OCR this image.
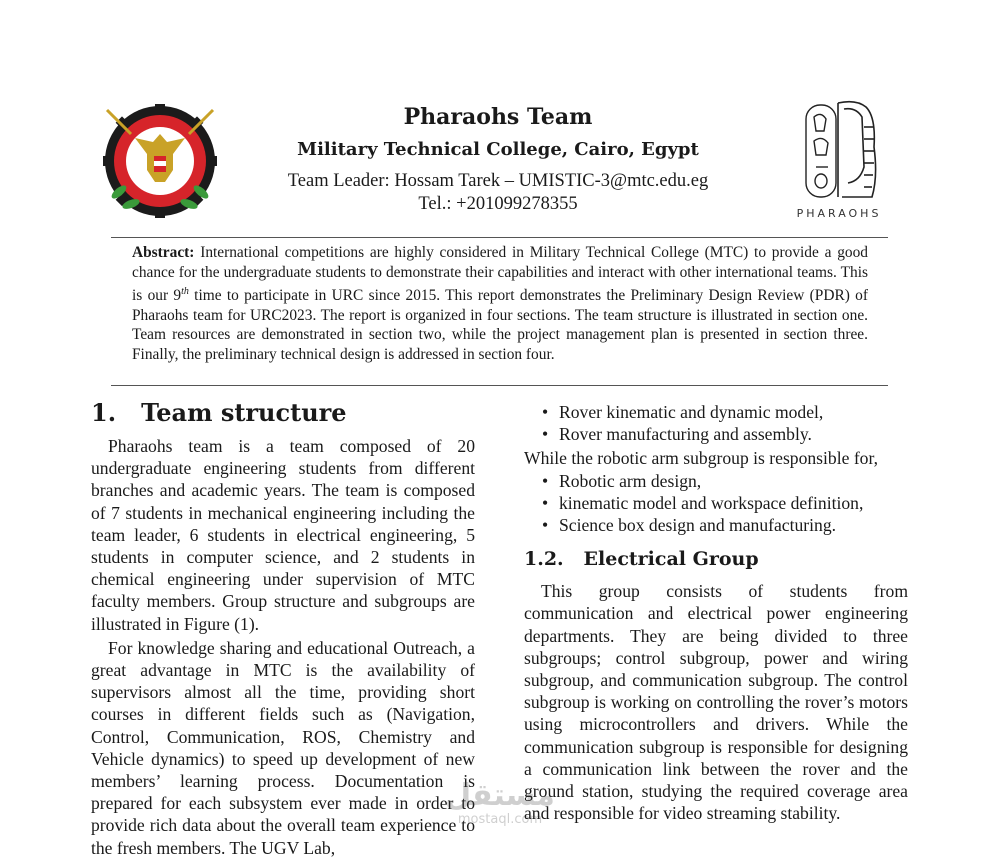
Pharaohs Team
Military Technical College, Cairo, Egypt
Team Leader: Hossam Tarek – UMISTIC-3@mtc.edu.eg
Tel.: +201099278355	PHARAOHS
Abstract: International competitions are highly considered in Military Technical College (MTC) to provide a good chance for the undergraduate students to demonstrate their capabilities and interact with other international teams. This is our 9th time to participate in URC since 2015. This report demonstrates the Preliminary Design Review (PDR) of Pharaohs team for URC2023. The report is organized in four sections. The team structure is illustrated in section one. Team resources are demonstrated in section two, while the project management plan is presented in section three. Finally, the preliminary technical design is addressed in section four.
1. Team structure

Pharaohs team is a team composed of 20 undergraduate engineering students from different branches and academic years. The team is composed of 7 students in mechanical engineering including the team leader, 6 students in electrical engineering, 5 students in computer science, and 2 students in chemical engineering under supervision of MTC faculty members. Group structure and subgroups are illustrated in Figure (1).

For knowledge sharing and educational Outreach, a great advantage in MTC is the availability of supervisors almost all the time, providing short courses in different fields such as (Navigation, Control, Communication, ROS, Chemistry and Vehicle dynamics) to speed up development of new members’ learning process. Documentation is prepared for each subsystem ever made in order to provide rich data about the overall team experience to the fresh members. The UGV Lab,

• Rover kinematic and dynamic model,
• Rover manufacturing and assembly.

While the robotic arm subgroup is responsible for,

• Robotic arm design,
• kinematic model and workspace definition,
• Science box design and manufacturing.
1.2. Electrical Group

This group consists of students from communication and electrical power engineering departments. They are being divided to three subgroups; control subgroup, power and wiring subgroup, and communication subgroup. The control subgroup is working on controlling the rover’s motors using microcontrollers and drivers. While the communication subgroup is responsible for designing a communication link between the rover and the ground station, studying the required coverage area and responsible for video streaming stability.

مستقل
mostaql.com
